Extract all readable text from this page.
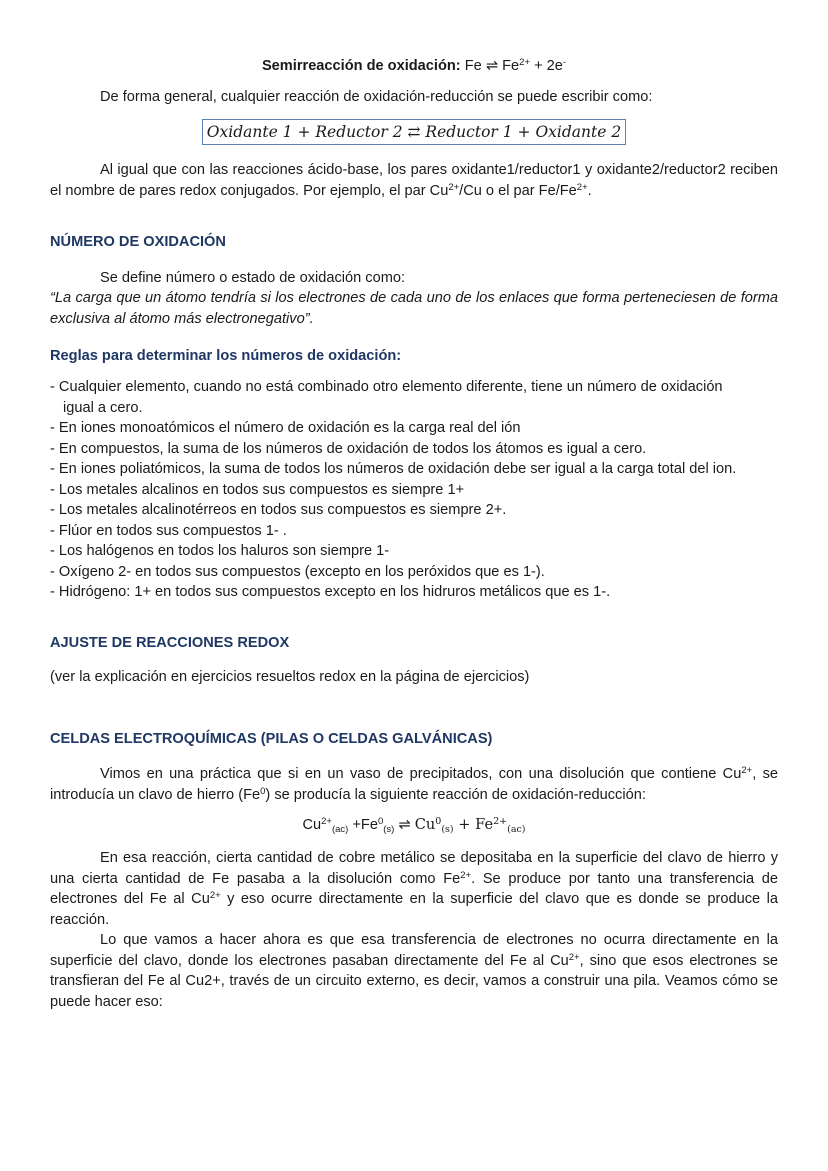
Semirreacción de oxidación: Fe ⇌ $Fe^{2+} + 2e^-$
De forma general, cualquier reacción de oxidación-reducción se puede escribir como:
Oxidante 1 + Reductor 2 ⇄ Reductor 1 + Oxidante 2
Al igual que con las reacciones ácido-base, los pares oxidante1/reductor1 y oxidante2/reductor2 reciben el nombre de pares redox conjugados. Por ejemplo, el par $Cu^{2+}/Cu$ o el par $Fe/Fe^{2+}$.
NÚMERO DE OXIDACIÓN
Se define número o estado de oxidación como:
“La carga que un átomo tendría si los electrones de cada uno de los enlaces que forma perteneciesen de forma exclusiva al átomo más electronegativo”.
Reglas para determinar los números de oxidación:
- Cualquier elemento, cuando no está combinado otro elemento diferente, tiene un número de oxidación
igual a cero.
- En iones monoatómicos el número de oxidación es la carga real del ión
- En compuestos, la suma de los números de oxidación de todos los átomos es igual a cero.
- En iones poliatómicos, la suma de todos los números de oxidación debe ser igual a la carga total del ion.
- Los metales alcalinos en todos sus compuestos es siempre 1+
- Los metales alcalinotérreos en todos sus compuestos es siempre 2+.
- Flúor en todos sus compuestos 1- .
- Los halógenos en todos los haluros son siempre 1-
- Oxígeno 2- en todos sus compuestos (excepto en los peróxidos que es 1-).
- Hidrógeno: 1+ en todos sus compuestos excepto en los hidruros metálicos que es 1-.
AJUSTE DE REACCIONES REDOX
(ver la explicación en ejercicios resueltos redox en la página de ejercicios)
CELDAS ELECTROQUÍMICAS (PILAS O CELDAS GALVÁNICAS)
Vimos en una práctica que si en un vaso de precipitados, con una disolución que contiene $Cu^{2+}$, se introducía un clavo de hierro (Fe$^0$) se producía la siguiente reacción de oxidación-reducción:
$Cu^{2+}_{(ac)} +Fe^0_{(s)}$ ⇌ $Cu^0_{(s)} + Fe^{2+}_{(ac)}$
En esa reacción, cierta cantidad de cobre metálico se depositaba en la superficie del clavo de hierro y una cierta cantidad de Fe pasaba a la disolución como $Fe^{2+}$. Se produce por tanto una transferencia de electrones del Fe al $Cu^{2+}$ y eso ocurre directamente en la superficie del clavo que es donde se produce la reacción.
Lo que vamos a hacer ahora es que esa transferencia de electrones no ocurra directamente en la superficie del clavo, donde los electrones pasaban directamente del Fe al $Cu^{2+}$, sino que esos electrones se transfieran del Fe al Cu2+, través de un circuito externo, es decir, vamos a construir una pila. Veamos cómo se puede hacer eso:
